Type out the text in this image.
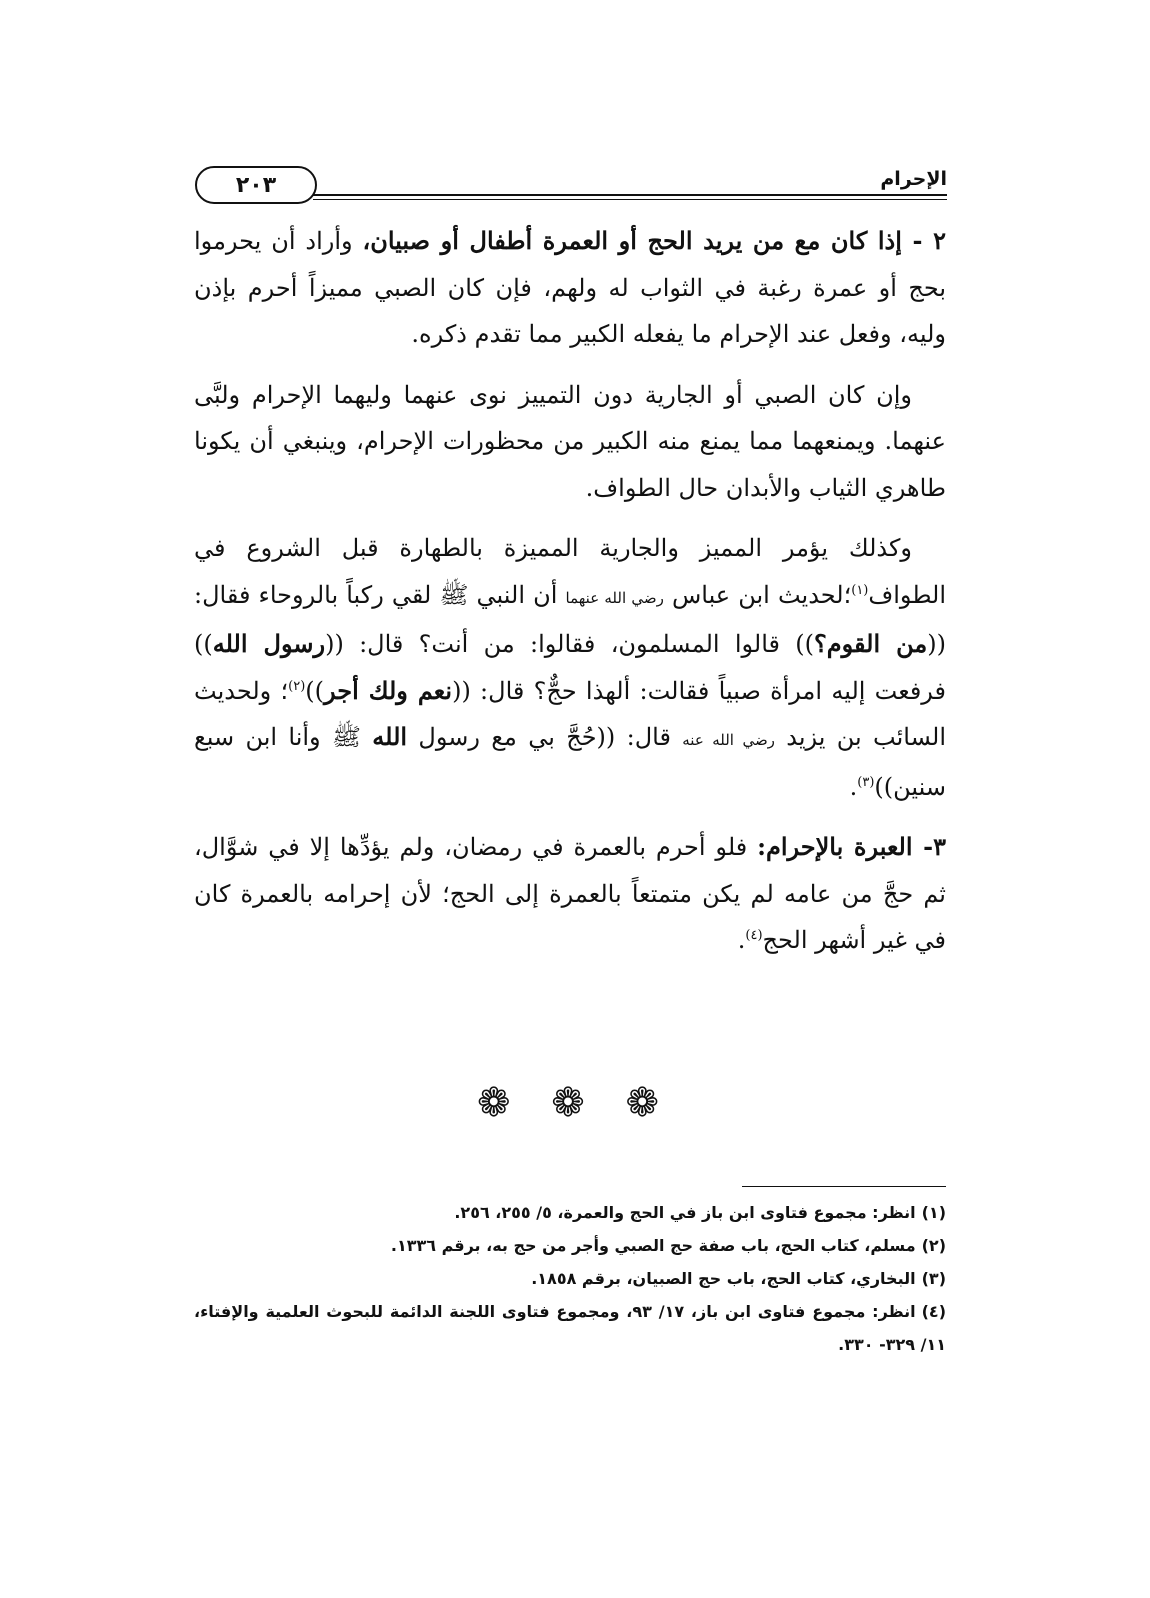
الإحرام
٢٠٣

٢ - إذا كان مع من يريد الحج أو العمرة أطفال أو صبيان، وأراد أن يحرموا بحج أو عمرة رغبة في الثواب له ولهم، فإن كان الصبي مميزاً أحرم بإذن وليه، وفعل عند الإحرام ما يفعله الكبير مما تقدم ذكره.

وإن كان الصبي أو الجارية دون التمييز نوى عنهما وليهما الإحرام ولبَّى عنهما. ويمنعهما مما يمنع منه الكبير من محظورات الإحرام، وينبغي أن يكونا طاهري الثياب والأبدان حال الطواف.

وكذلك يؤمر المميز والجارية المميزة بالطهارة قبل الشروع في الطواف$^{(١)}$؛لحديث ابن عباس رضي الله عنهما أن النبي ﷺ لقي ركباً بالروحاء فقال: ((من القوم؟)) قالوا المسلمون، فقالوا: من أنت؟ قال: ((رسول الله)) فرفعت إليه امرأة صبياً فقالت: ألهذا حجٌّ؟ قال: ((نعم ولك أجر))$^{(٢)}$؛ ولحديث السائب بن يزيد رضي الله عنه قال: ((حُجَّ بي مع رسول الله ﷺ وأنا ابن سبع سنين))$^{(٣)}$.

٣- العبرة بالإحرام: فلو أحرم بالعمرة في رمضان، ولم يؤدِّها إلا في شوَّال، ثم حجَّ من عامه لم يكن متمتعاً بالعمرة إلى الحج؛ لأن إحرامه بالعمرة كان في غير أشهر الحج$^{(٤)}$.

❁ ❁ ❁

(١)انظر: مجموع فتاوى ابن باز في الحج والعمرة، ٥/ ٢٥٥، ٢٥٦.

(٢)مسلم، كتاب الحج، باب صفة حج الصبي وأجر من حج به، برقم ١٣٣٦.

(٣)البخاري، كتاب الحج، باب حج الصبيان، برقم ١٨٥٨.

(٤)انظر: مجموع فتاوى ابن باز، ١٧/ ٩٣، ومجموع فتاوى اللجنة الدائمة للبحوث العلمية والإفتاء، ١١/ ٣٢٩- ٣٣٠.
